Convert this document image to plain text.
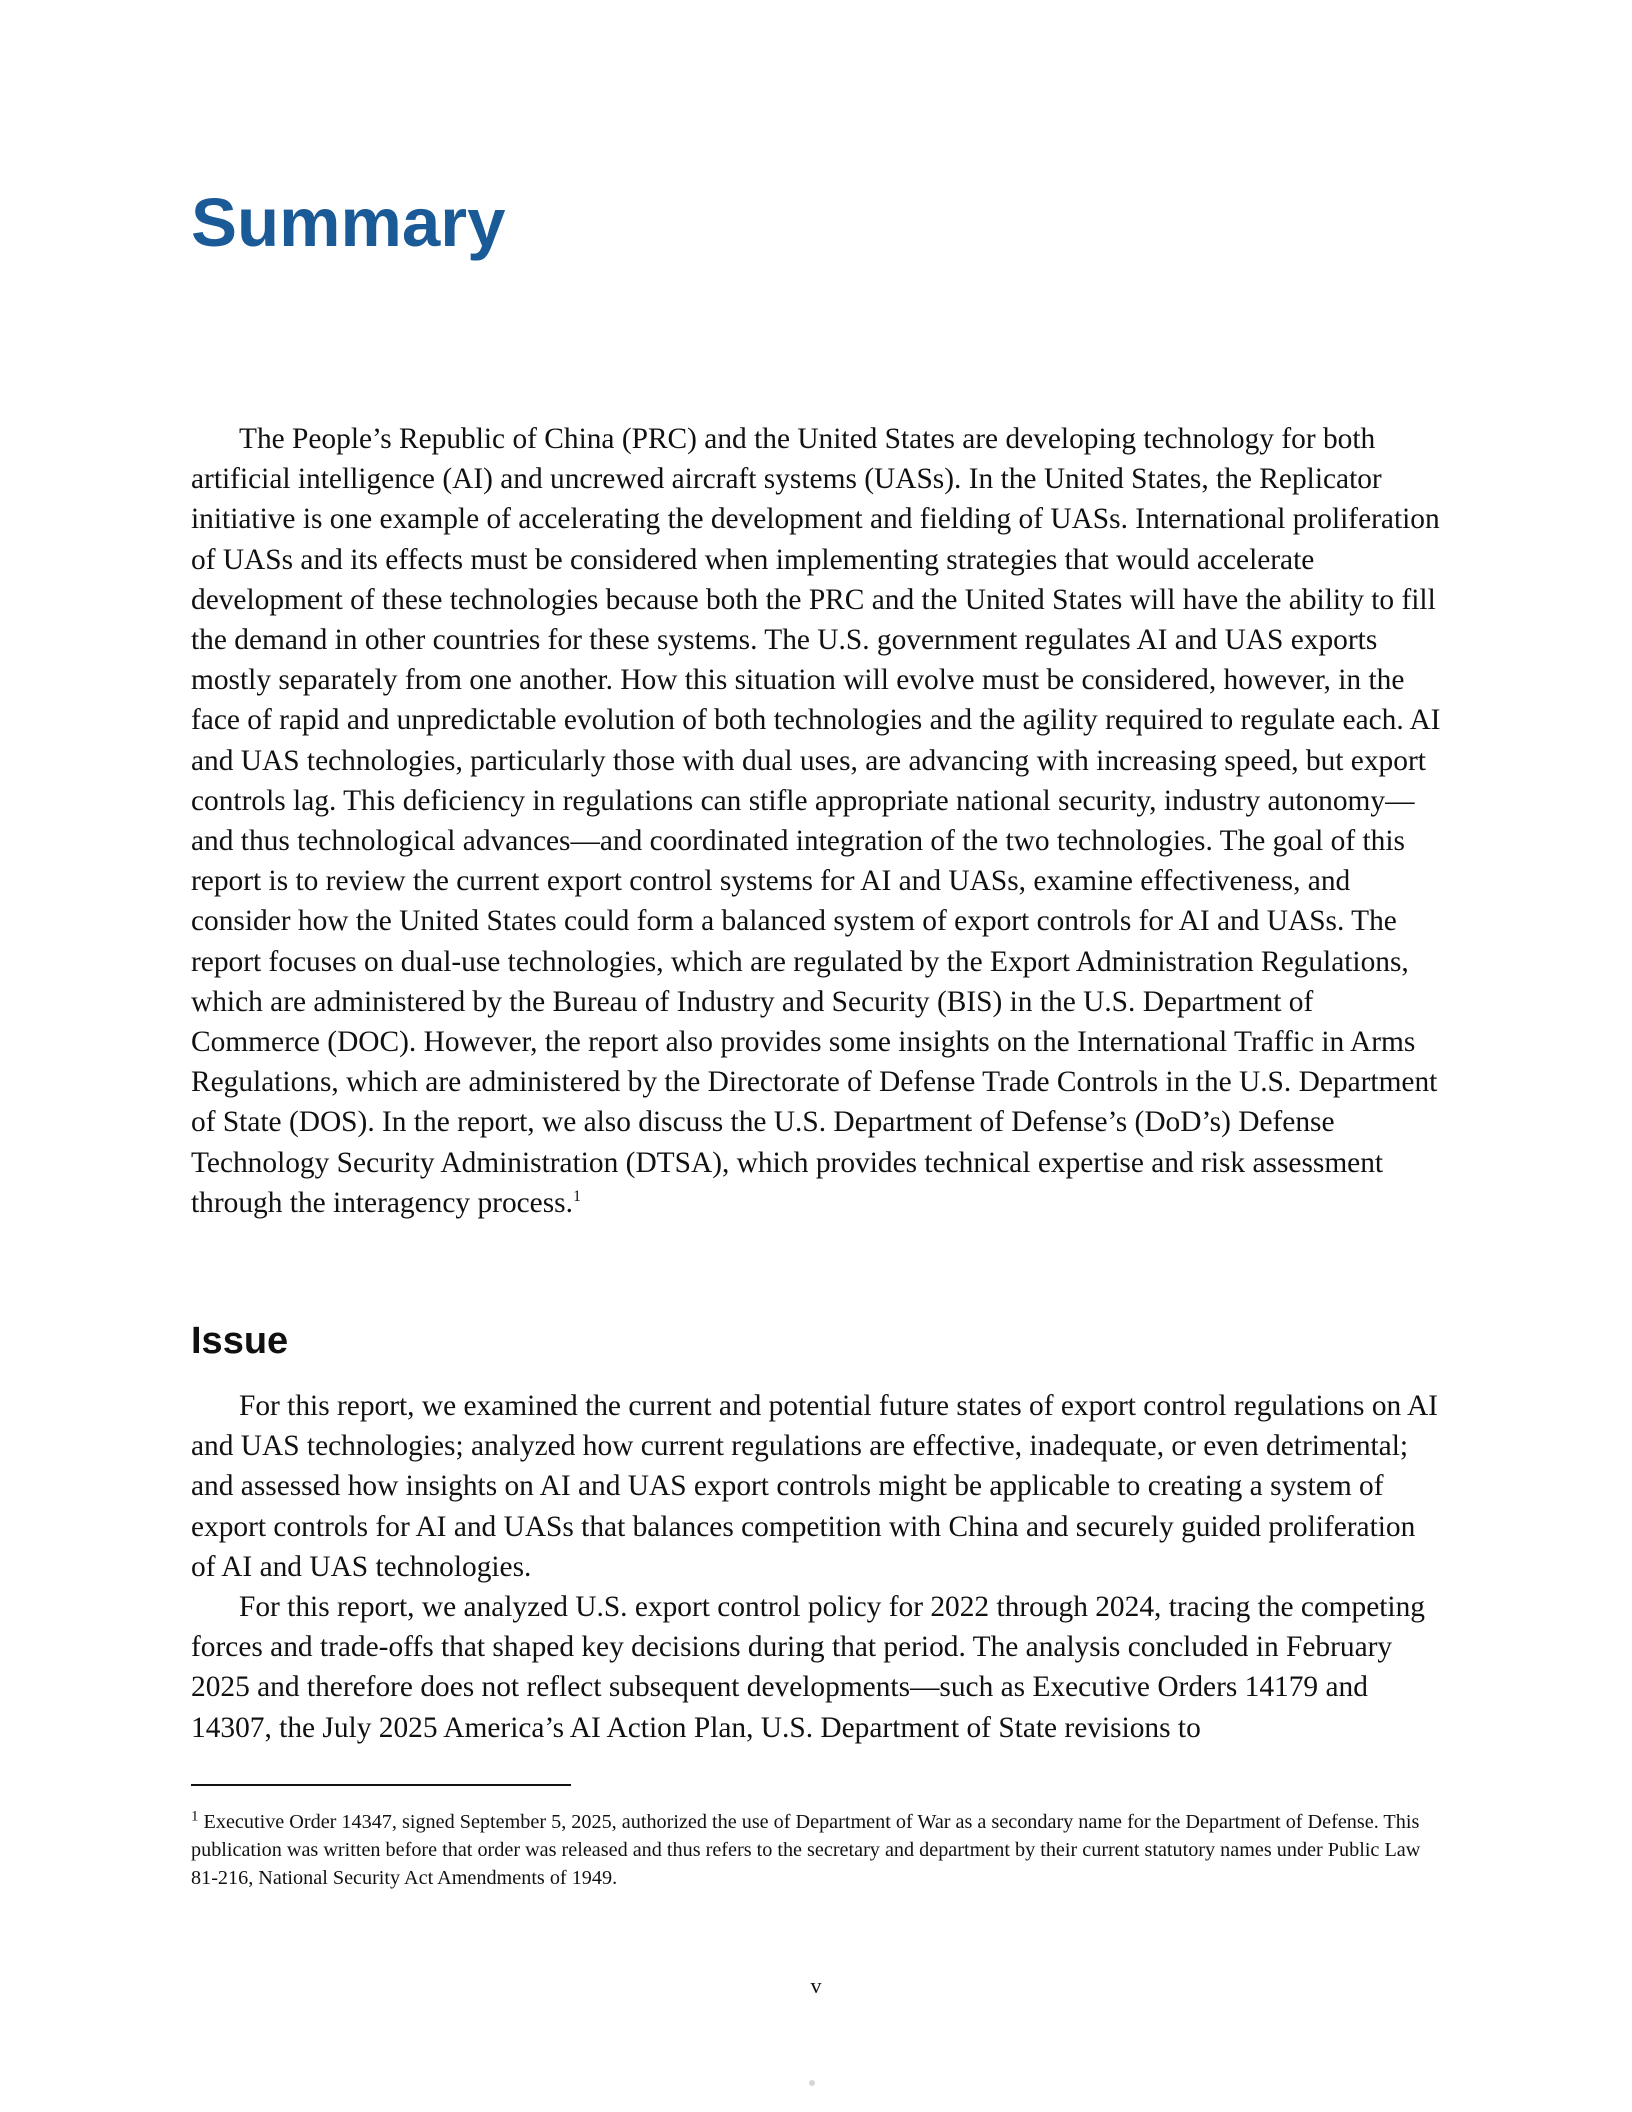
Summary

The People’s Republic of China (PRC) and the United States are developing technology for both artificial intelligence (AI) and uncrewed aircraft systems (UASs). In the United States, the Replicator initiative is one example of accelerating the development and fielding of UASs. International proliferation of UASs and its effects must be considered when implementing strategies that would accelerate development of these technologies because both the PRC and the United States will have the ability to fill the demand in other countries for these systems. The U.S. government regulates AI and UAS exports mostly separately from one another. How this situation will evolve must be considered, however, in the face of rapid and unpredictable evolution of both technologies and the agility required to regulate each. AI and UAS technologies, particularly those with dual uses, are advancing with increasing speed, but export controls lag. This deficiency in regulations can stifle appropriate national security, industry autonomy—and thus technological advances—and coordinated integration of the two technologies. The goal of this report is to review the current export control systems for AI and UASs, examine effectiveness, and consider how the United States could form a balanced system of export controls for AI and UASs. The report focuses on dual-use technologies, which are regulated by the Export Administration Regulations, which are administered by the Bureau of Industry and Security (BIS) in the U.S. Department of Commerce (DOC). However, the report also provides some insights on the International Traffic in Arms Regulations, which are administered by the Directorate of Defense Trade Controls in the U.S. Department of State (DOS). In the report, we also discuss the U.S. Department of Defense’s (DoD’s) Defense Technology Security Administration (DTSA), which provides technical expertise and risk assessment through the interagency process.$^1$

Issue

For this report, we examined the current and potential future states of export control regulations on AI and UAS technologies; analyzed how current regulations are effective, inadequate, or even detrimental; and assessed how insights on AI and UAS export controls might be applicable to creating a system of export controls for AI and UASs that balances competition with China and securely guided proliferation of AI and UAS technologies.

For this report, we analyzed U.S. export control policy for 2022 through 2024, tracing the competing forces and trade-offs that shaped key decisions during that period. The analysis concluded in February 2025 and therefore does not reflect subsequent developments—such as Executive Orders 14179 and 14307, the July 2025 America’s AI Action Plan, U.S. Department of State revisions to

$^1$ Executive Order 14347, signed September 5, 2025, authorized the use of Department of War as a secondary name for the Department of Defense. This publication was written before that order was released and thus refers to the secretary and department by their current statutory names under Public Law 81-216, National Security Act Amendments of 1949.
v
